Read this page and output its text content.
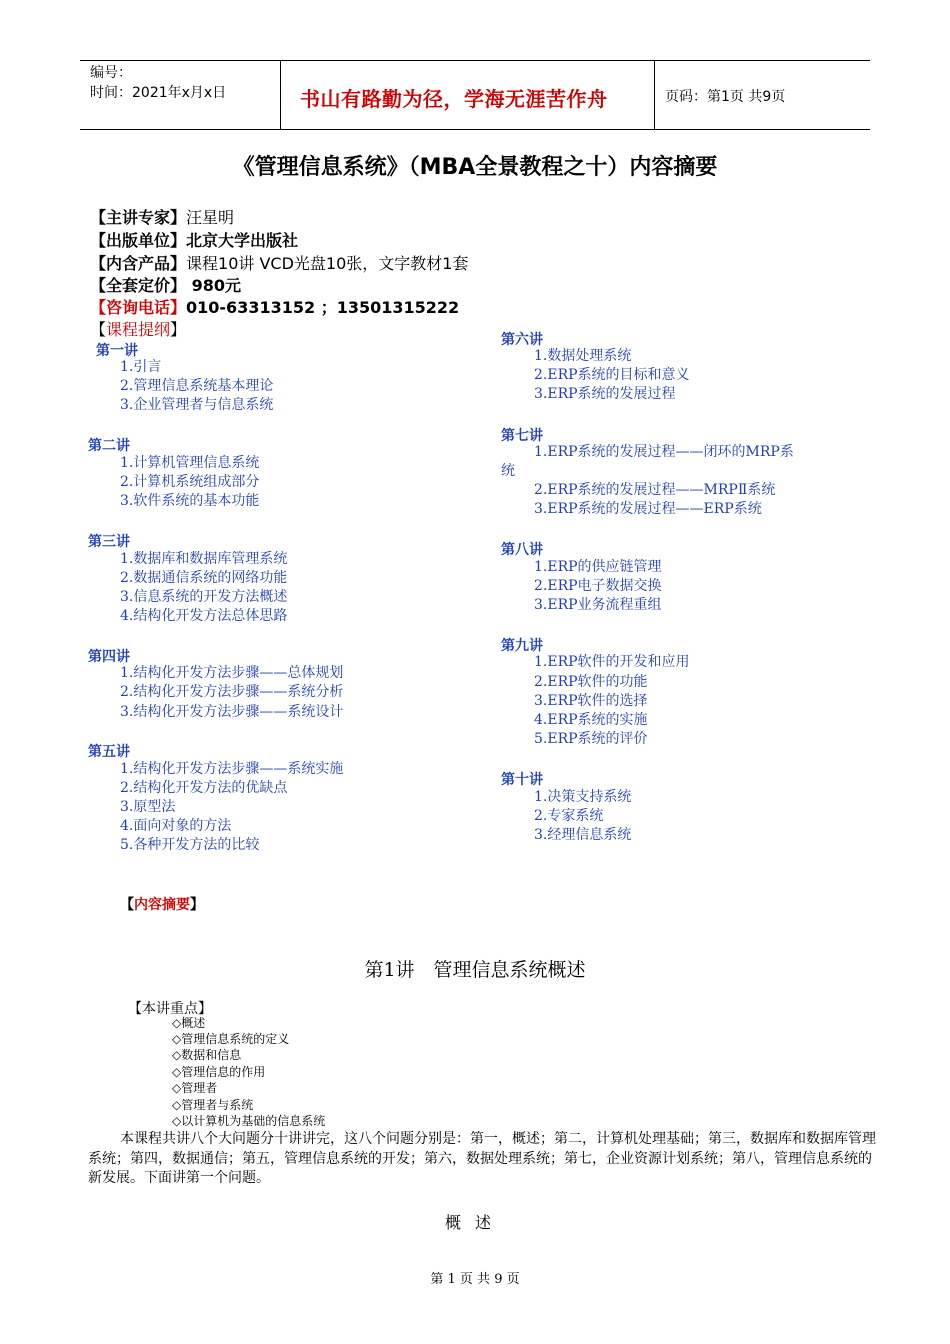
编号：
时间：2021年x月x日	书山有路勤为径，学海无涯苦作舟	页码：第1页 共9页
《管理信息系统》（MBA全景教程之十）内容摘要
【主讲专家】汪星明
【出版单位】北京大学出版社
【内含产品】课程10讲 VCD光盘10张，文字教材1套
【全套定价】 980元
【咨询电话】010-63313152 ；13501315222
【课程提纲】
第一讲
1.引言
2.管理信息系统基本理论
3.企业管理者与信息系统
第二讲
1.计算机管理信息系统
2.计算机系统组成部分
3.软件系统的基本功能
第三讲
1.数据库和数据库管理系统
2.数据通信系统的网络功能
3.信息系统的开发方法概述
4.结构化开发方法总体思路
第四讲
1.结构化开发方法步骤——总体规划
2.结构化开发方法步骤——系统分析
3.结构化开发方法步骤——系统设计
第五讲
1.结构化开发方法步骤——系统实施
2.结构化开发方法的优缺点
3.原型法
4.面向对象的方法
5.各种开发方法的比较
第六讲
1.数据处理系统
2.ERP系统的目标和意义
3.ERP系统的发展过程
第七讲
1.ERP系统的发展过程——闭环的MRP系
统
2.ERP系统的发展过程——MRPⅡ系统
3.ERP系统的发展过程——ERP系统
第八讲
1.ERP的供应链管理
2.ERP电子数据交换
3.ERP业务流程重组
第九讲
1.ERP软件的开发和应用
2.ERP软件的功能
3.ERP软件的选择
4.ERP系统的实施
5.ERP系统的评价
第十讲
1.决策支持系统
2.专家系统
3.经理信息系统
【内容摘要】
第1讲　管理信息系统概述
【本讲重点】
◇概述
◇管理信息系统的定义
◇数据和信息
◇管理信息的作用
◇管理者
◇管理者与系统
◇以计算机为基础的信息系统
本课程共讲八个大问题分十讲讲完，这八个问题分别是：第一，概述；第二，计算机处理基础；第三，数据库和数据库管理系统；第四，数据通信；第五，管理信息系统的开发；第六，数据处理系统；第七，企业资源计划系统；第八，管理信息系统的新发展。下面讲第一个问题。
概述
第 1 页 共 9 页
